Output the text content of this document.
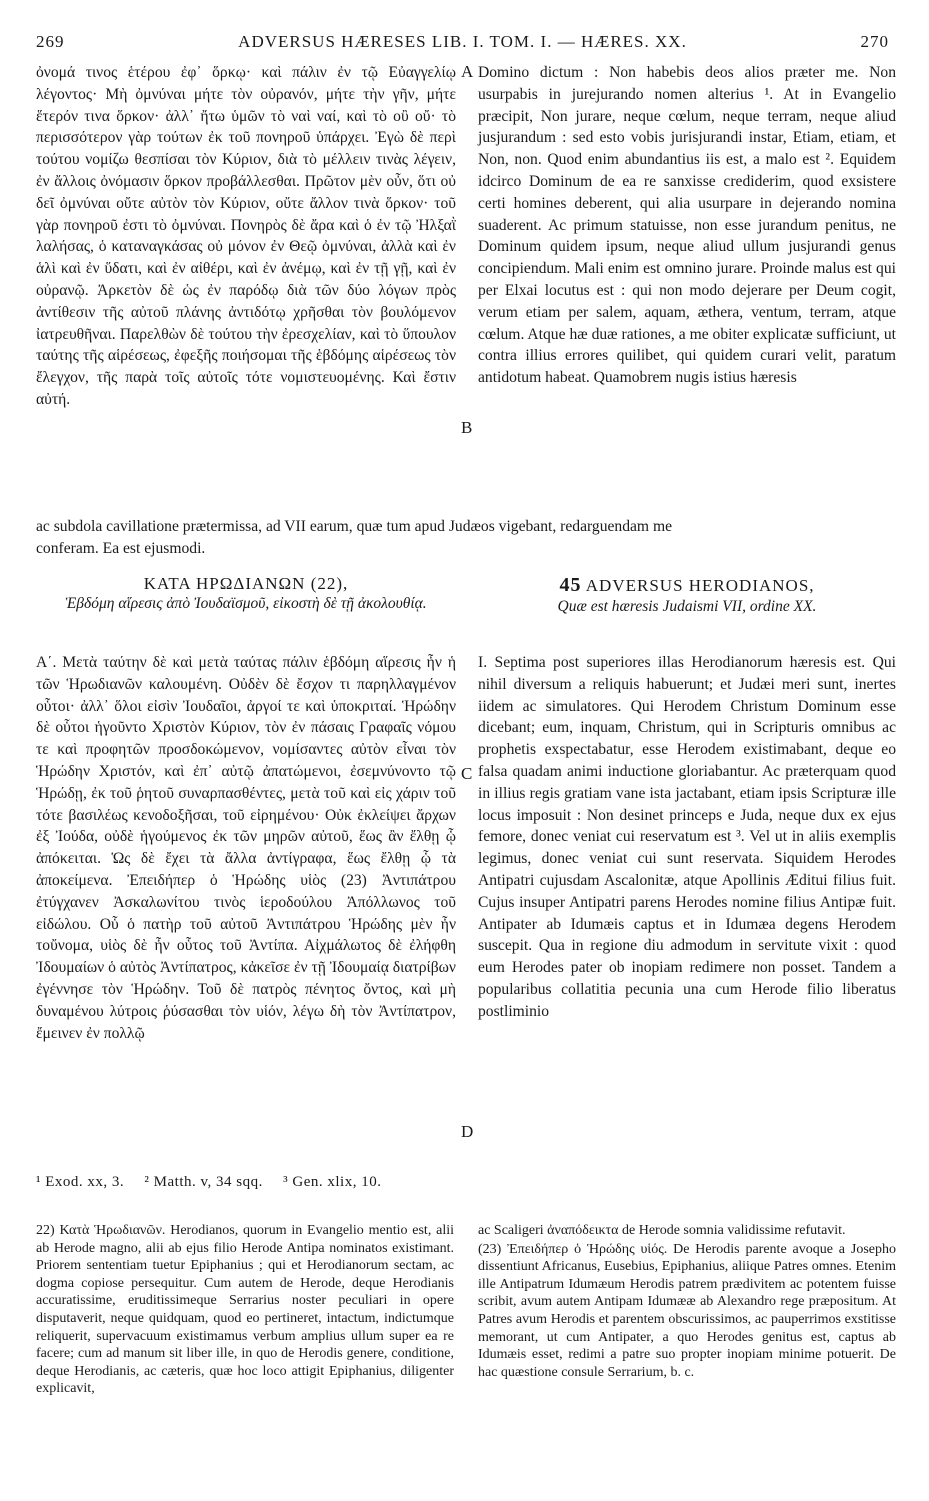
269	ADVERSUS HÆRESES LIB. I. TOM. I. — HÆRES. XX.	270

ὀνομά τινος ἑτέρου ἐφ᾽ ὅρκῳ· καὶ πάλιν ἐν τῷ Εὐαγγελίῳ λέγοντος· Μὴ ὀμνύναι μήτε τὸν οὐρανόν, μήτε τὴν γῆν, μήτε ἕτερόν τινα ὅρκον· ἀλλ᾽ ἤτω ὑμῶν τὸ ναὶ ναί, καὶ τὸ οὒ οὔ· τὸ περισσότερον γὰρ τούτων ἐκ τοῦ πονηροῦ ὑπάρχει. Ἐγὼ δὲ περὶ τούτου νομίζω θεσπίσαι τὸν Κύριον, διὰ τὸ μέλλειν τινὰς λέγειν, ἐν ἄλλοις ὀνόμασιν ὅρκον προβάλλεσθαι. Πρῶτον μὲν οὖν, ὅτι οὐ δεῖ ὀμνύναι οὔτε αὐτὸν τὸν Κύριον, οὔτε ἄλλον τινὰ ὅρκον· τοῦ γὰρ πονηροῦ ἐστι τὸ ὀμνύναι. Πονηρὸς δὲ ἄρα καὶ ὁ ἐν τῷ Ἠλξαῒ λαλήσας, ὁ καταναγκάσας οὐ μόνον ἐν Θεῷ ὀμνύναι, ἀλλὰ καὶ ἐν ἁλὶ καὶ ἐν ὕδατι, καὶ ἐν αἰθέρι, καὶ ἐν ἀνέμῳ, καὶ ἐν τῇ γῇ, καὶ ἐν οὐρανῷ. Ἀρκετὸν δὲ ὡς ἐν παρόδῳ διὰ τῶν δύο λόγων πρὸς ἀντίθεσιν τῆς αὐτοῦ πλάνης ἀντιδότῳ χρῆσθαι τὸν βουλόμενον ἰατρευθῆναι. Παρελθὼν δὲ τούτου τὴν ἐρεσχελίαν, καὶ τὸ ὕπουλον ταύτης τῆς αἱρέσεως, ἐφεξῆς ποιήσομαι τῆς ἑβδόμης αἱρέσεως τὸν ἔλεγχον, τῆς παρὰ τοῖς αὐτοῖς τότε νομιστευομένης. Καὶ ἔστιν αὐτή.

Domino dictum : Non habebis deos alios præter me. Non usurpabis in jurejurando nomen alterius ¹. At in Evangelio præcipit, Non jurare, neque cœlum, neque terram, neque aliud jusjurandum : sed esto vobis jurisjurandi instar, Etiam, etiam, et Non, non. Quod enim abundantius iis est, a malo est ². Equidem idcirco Dominum de ea re sanxisse crediderim, quod exsistere certi homines deberent, qui alia usurpare in dejerando nomina suaderent. Ac primum statuisse, non esse jurandum penitus, ne Dominum quidem ipsum, neque aliud ullum jusjurandi genus concipiendum. Mali enim est omnino jurare. Proinde malus est qui per Elxai locutus est : qui non modo dejerare per Deum cogit, verum etiam per salem, aquam, æthera, ventum, terram, atque cœlum. Atque hæ duæ rationes, a me obiter explicatæ sufficiunt, ut contra illius errores quilibet, qui quidem curari velit, paratum antidotum habeat. Quamobrem nugis istius hæresis

A
B
ac subdola cavillatione prætermissa, ad VII earum, quæ tum apud Judæos vigebant, redarguendam me
conferam. Ea est ejusmodi.
ΚΑΤΑ ΗΡΩΔΙΑΝΩΝ (22),
Ἑβδόμη αἵρεσις ἀπὸ Ἰουδαϊσμοῦ, εἰκοστὴ δὲ τῇ ἀκολουθίᾳ.
45 ADVERSUS HERODIANOS,
Quæ est hæresis Judaismi VII, ordine XX.

Α΄. Μετὰ ταύτην δὲ καὶ μετὰ ταύτας πάλιν ἑβδόμη αἵρεσις ἦν ἡ τῶν Ἡρωδιανῶν καλουμένη. Οὐδὲν δὲ ἔσχον τι παρηλλαγμένον οὗτοι· ἀλλ᾽ ὅλοι εἰσὶν Ἰουδαῖοι, ἀργοί τε καὶ ὑποκριταί. Ἡρώδην δὲ οὗτοι ἡγοῦντο Χριστὸν Κύριον, τὸν ἐν πάσαις Γραφαῖς νόμου τε καὶ προφητῶν προσδοκώμενον, νομίσαντες αὐτὸν εἶναι τὸν Ἡρώδην Χριστόν, καὶ ἐπ᾽ αὐτῷ ἀπατώμενοι, ἐσεμνύνοντο τῷ Ἡρώδῃ, ἐκ τοῦ ῥητοῦ συναρπασθέντες, μετὰ τοῦ καὶ εἰς χάριν τοῦ τότε βασιλέως κενοδοξῆσαι, τοῦ εἰρημένου· Οὐκ ἐκλείψει ἄρχων ἐξ Ἰούδα, οὐδὲ ἡγούμενος ἐκ τῶν μηρῶν αὐτοῦ, ἕως ἂν ἔλθῃ ᾧ ἀπόκειται. Ὡς δὲ ἔχει τὰ ἄλλα ἀντίγραφα, ἕως ἔλθῃ ᾧ τὰ ἀποκείμενα. Ἐπειδήπερ ὁ Ἡρώδης υἱὸς (23) Ἀντιπάτρου ἐτύγχανεν Ἀσκαλωνίτου τινὸς ἱεροδούλου Ἀπόλλωνος τοῦ εἰδώλου. Οὗ ὁ πατὴρ τοῦ αὐτοῦ Ἀντιπάτρου Ἡρώδης μὲν ἦν τοὔνομα, υἱὸς δὲ ἦν οὗτος τοῦ Ἀντίπα. Αἰχμάλωτος δὲ ἐλήφθη Ἰδουμαίων ὁ αὐτὸς Ἀντίπατρος, κἀκεῖσε ἐν τῇ Ἰδουμαίᾳ διατρίβων ἐγέννησε τὸν Ἡρώδην. Τοῦ δὲ πατρὸς πένητος ὄντος, καὶ μὴ δυναμένου λύτροις ῥύσασθαι τὸν υἱόν, λέγω δὴ τὸν Ἀντίπατρον, ἔμεινεν ἐν πολλῷ

I. Septima post superiores illas Herodianorum hæresis est. Qui nihil diversum a reliquis habuerunt; et Judæi meri sunt, inertes iidem ac simulatores. Qui Herodem Christum Dominum esse dicebant; eum, inquam, Christum, qui in Scripturis omnibus ac prophetis exspectabatur, esse Herodem existimabant, deque eo falsa quadam animi inductione gloriabantur. Ac præterquam quod in illius regis gratiam vane ista jactabant, etiam ipsis Scripturæ ille locus imposuit : Non desinet princeps e Juda, neque dux ex ejus femore, donec veniat cui reservatum est ³. Vel ut in aliis exemplis legimus, donec veniat cui sunt reservata. Siquidem Herodes Antipatri cujusdam Ascalonitæ, atque Apollinis Æditui filius fuit. Cujus insuper Antipatri parens Herodes nomine filius Antipæ fuit. Antipater ab Idumæis captus et in Idumæa degens Herodem suscepit. Qua in regione diu admodum in servitute vixit : quod eum Herodes pater ob inopiam redimere non posset. Tandem a popularibus collatitia pecunia una cum Herode filio liberatus postliminio

C
D
¹ Exod. xx, 3. ² Matth. v, 34 sqq. ³ Gen. xlix, 10.

22) Κατὰ Ἡρωδιανῶν. Herodianos, quorum in Evangelio mentio est, alii ab Herode magno, alii ab ejus filio Herode Antipa nominatos existimant. Priorem sententiam tuetur Epiphanius ; qui et Herodianorum sectam, ac dogma copiose persequitur. Cum autem de Herode, deque Herodianis accuratissime, eruditissimeque Serrarius noster peculiari in opere disputaverit, neque quidquam, quod eo pertineret, intactum, indictumque reliquerit, supervacuum existimamus verbum amplius ullum super ea re facere; cum ad manum sit liber ille, in quo de Herodis genere, conditione, deque Herodianis, ac cæteris, quæ hoc loco attigit Epiphanius, diligenter explicavit,

ac Scaligeri ἀναπόδεικτα de Herode somnia validissime refutavit.

(23) Ἐπειδήπερ ὁ Ἡρώδης υἱός. De Herodis parente avoque a Josepho dissentiunt Africanus, Eusebius, Epiphanius, aliique Patres omnes. Etenim ille Antipatrum Idumæum Herodis patrem prædivitem ac potentem fuisse scribit, avum autem Antipam Idumææ ab Alexandro rege præpositum. At Patres avum Herodis et parentem obscurissimos, ac pauperrimos exstitisse memorant, ut cum Antipater, a quo Herodes genitus est, captus ab Idumæis esset, redimi a patre suo propter inopiam minime potuerit. De hac quæstione consule Serrarium, b. c.
